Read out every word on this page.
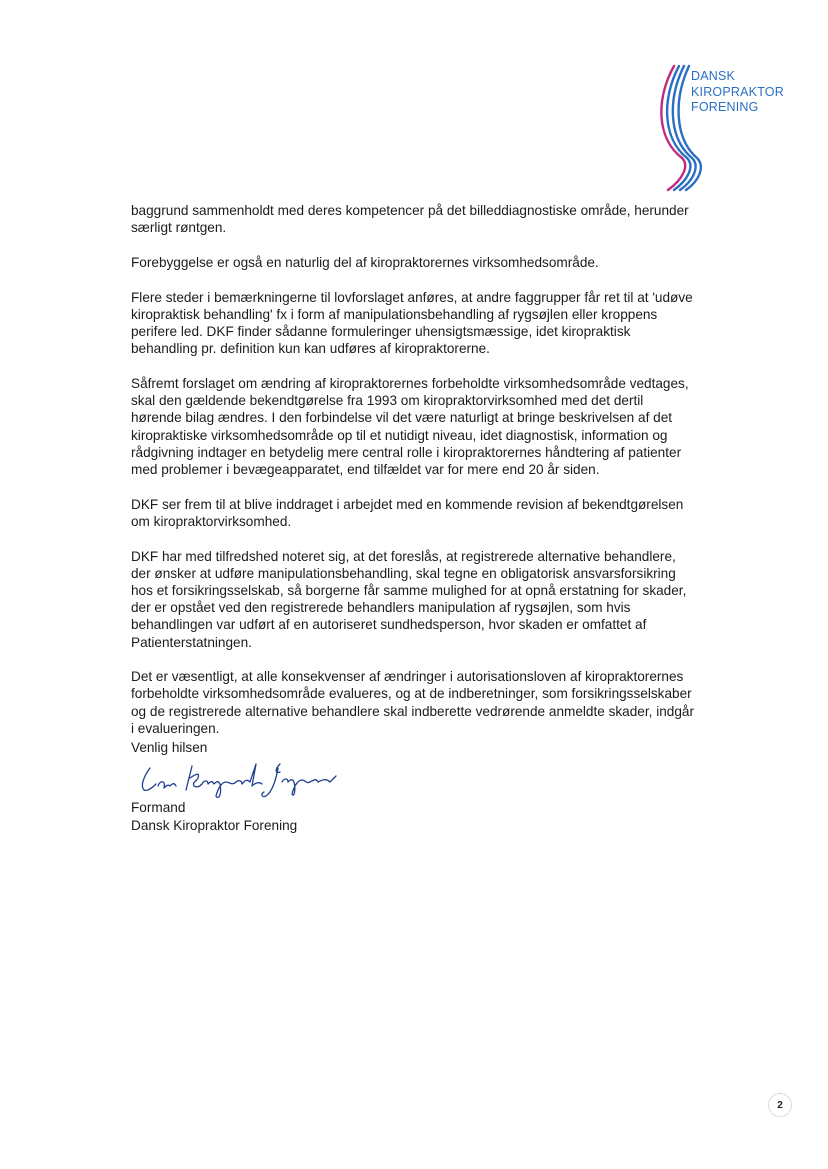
DANSK
KIROPRAKTOR
FORENING

baggrund sammenholdt med deres kompetencer på det billeddiagnostiske område, herunder særligt røntgen.

Forebyggelse er også en naturlig del af kiropraktorernes virksomhedsområde.

Flere steder i bemærkningerne til lovforslaget anføres, at andre faggrupper får ret til at 'udøve kiropraktisk behandling' fx i form af manipulationsbehandling af rygsøjlen eller kroppens perifere led. DKF finder sådanne formuleringer uhensigtsmæssige, idet kiropraktisk behandling pr. definition kun kan udføres af kiropraktorerne.

Såfremt forslaget om ændring af kiropraktorernes forbeholdte virksomhedsområde vedtages, skal den gældende bekendtgørelse fra 1993 om kiropraktorvirksomhed med det dertil hørende bilag ændres. I den forbindelse vil det være naturligt at bringe beskrivelsen af det kiropraktiske virksomhedsområde op til et nutidigt niveau, idet diagnostisk, information og rådgivning indtager en betydelig mere central rolle i kiropraktorernes håndtering af patienter med problemer i bevægeapparatet, end tilfældet var for mere end 20 år siden.

DKF ser frem til at blive inddraget i arbejdet med en kommende revision af bekendtgørelsen om kiropraktorvirksomhed.

DKF har med tilfredshed noteret sig, at det foreslås, at registrerede alternative behandlere, der ønsker at udføre manipulationsbehandling, skal tegne en obligatorisk ansvarsforsikring hos et forsikringsselskab, så borgerne får samme mulighed for at opnå erstatning for skader, der er opstået ved den registrerede behandlers manipulation af rygsøjlen, som hvis behandlingen var udført af en autoriseret sundhedsperson, hvor skaden er omfattet af Patienterstatningen.

Det er væsentligt, at alle konsekvenser af ændringer i autorisationsloven af kiropraktorernes forbeholdte virksomhedsområde evalueres, og at de indberetninger, som forsikringsselskaber og de registrerede alternative behandlere skal indberette vedrørende anmeldte skader, indgår i evalueringen.

Venlig hilsen
Formand
Dansk Kiropraktor Forening
2
